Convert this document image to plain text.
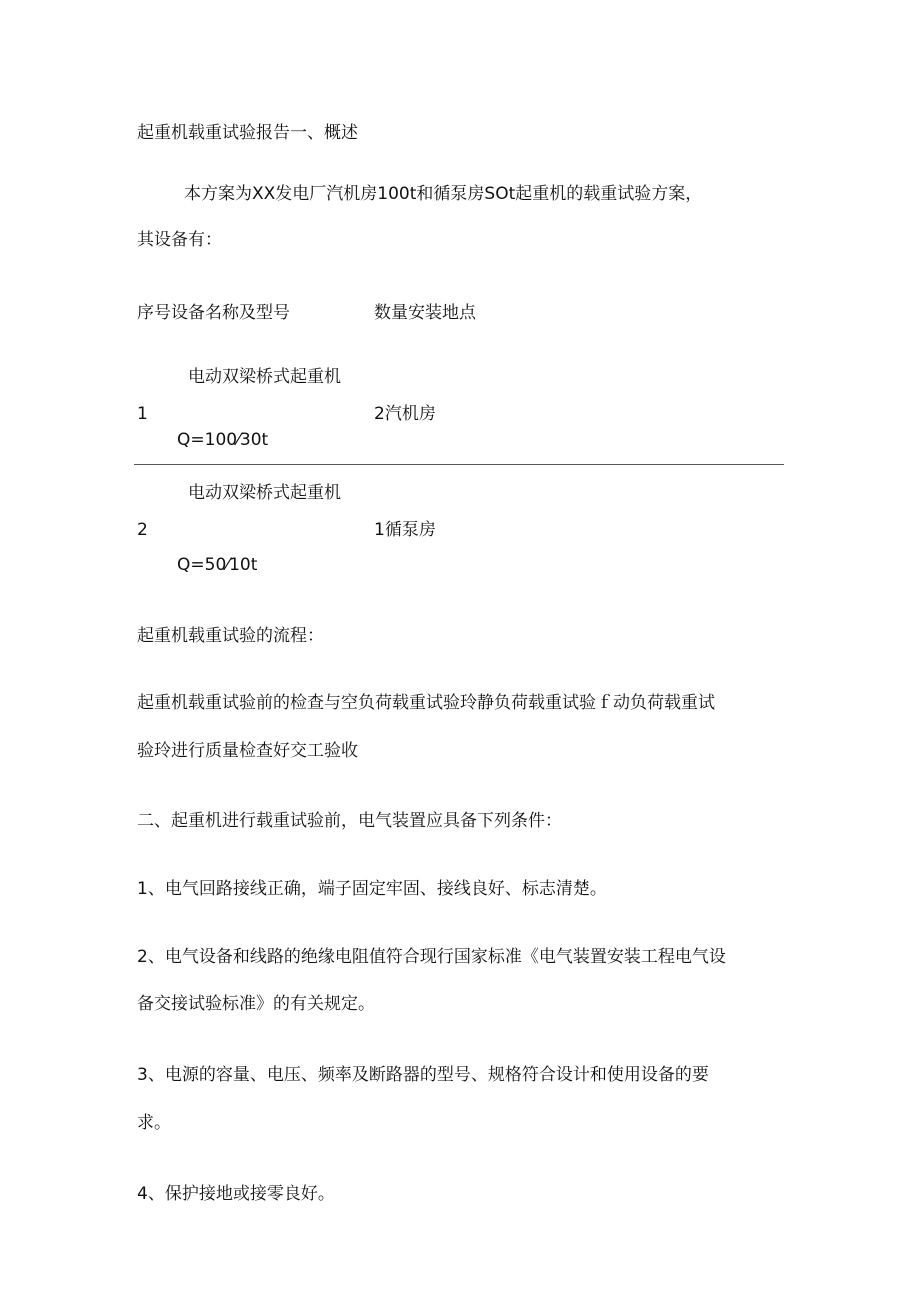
起重机载重试验报告一、概述

本方案为XX发电厂汽机房100t和循泵房SOt起重机的载重试验方案，

其设备有：

序号设备名称及型号	数量安装地点

电动双梁桥式起重机

1	2汽机房

Q=100⁄30t

电动双梁桥式起重机

2	1循泵房

Q=50⁄10t

起重机载重试验的流程：

起重机载重试验前的检查与空负荷载重试验玲静负荷载重试验ｆ动负荷载重试

验玲进行质量检查好交工验收

二、起重机进行载重试验前，电气装置应具备下列条件：

1、电气回路接线正确，端子固定牢固、接线良好、标志清楚。

2、电气设备和线路的绝缘电阻值符合现行国家标准《电气装置安装工程电气设

备交接试验标准》的有关规定。

3、电源的容量、电压、频率及断路器的型号、规格符合设计和使用设备的要

求。

4、保护接地或接零良好。
